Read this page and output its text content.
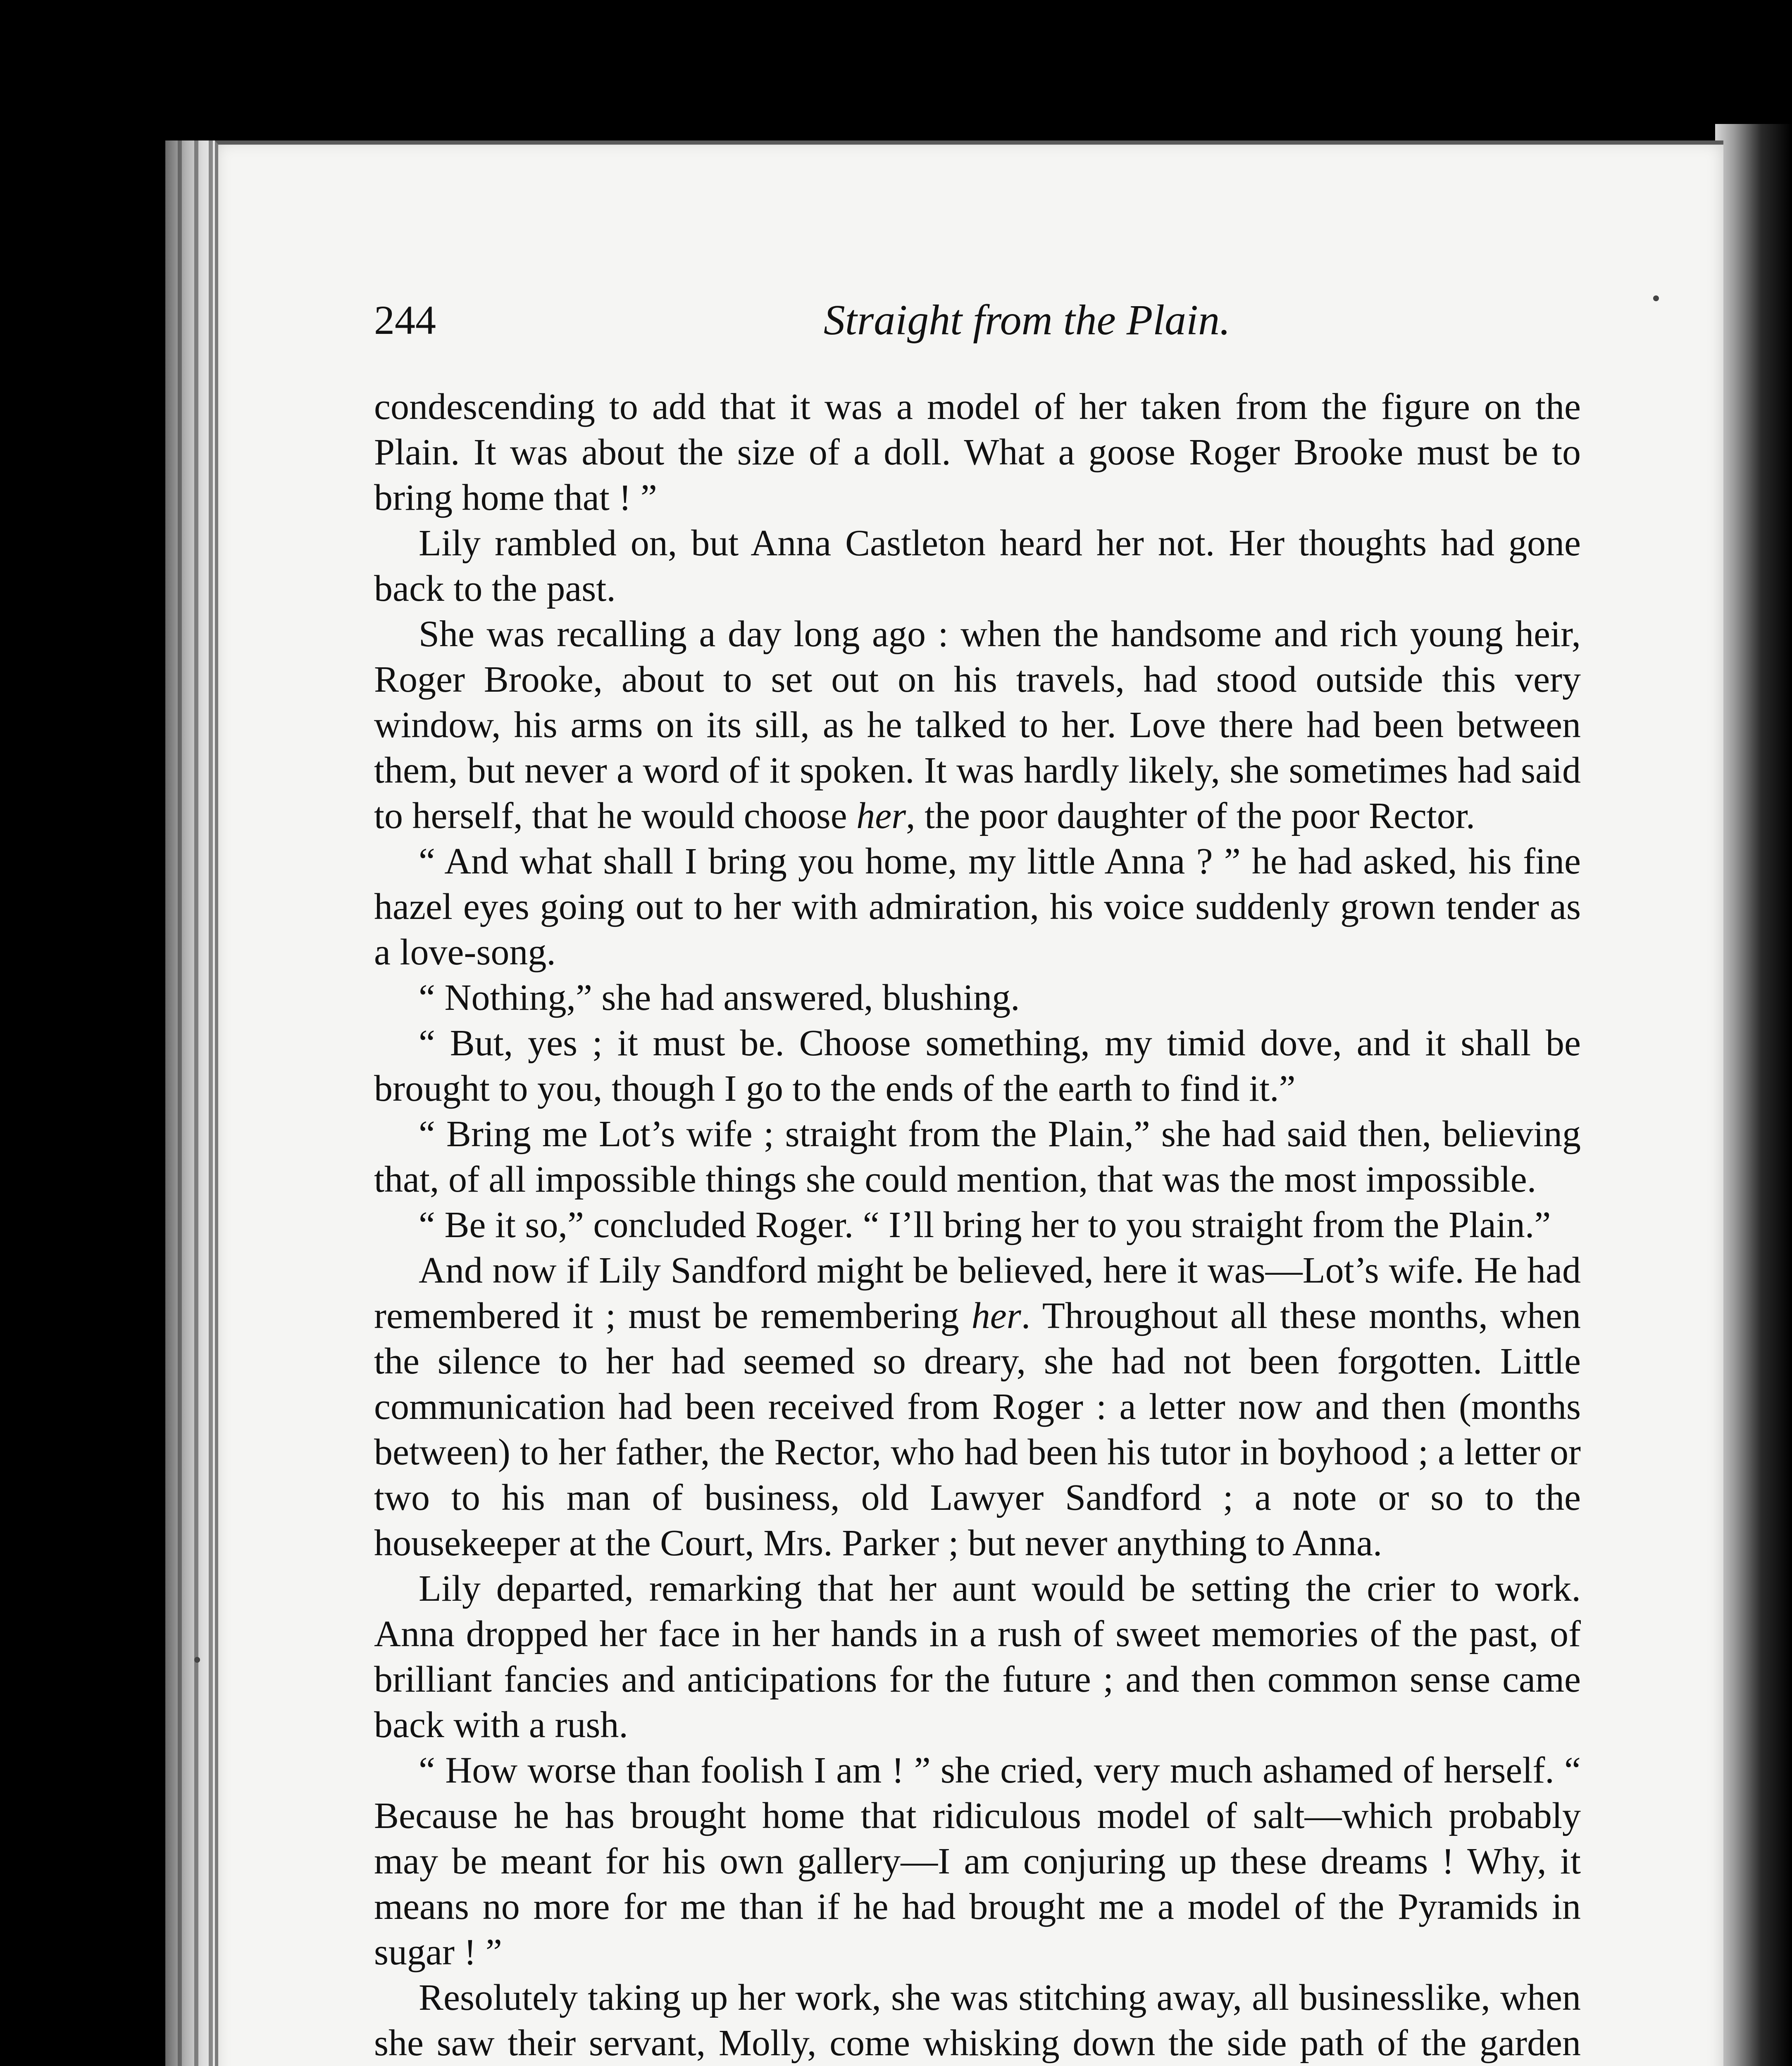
244	Straight from the Plain.

condescending to add that it was a model of her taken from the figure on the Plain. It was about the size of a doll. What a goose Roger Brooke must be to bring home that ! ”

Lily rambled on, but Anna Castleton heard her not. Her thoughts had gone back to the past.

She was recalling a day long ago : when the handsome and rich young heir, Roger Brooke, about to set out on his travels, had stood outside this very window, his arms on its sill, as he talked to her. Love there had been between them, but never a word of it spoken. It was hardly likely, she sometimes had said to herself, that he would choose her, the poor daughter of the poor Rector.

“ And what shall I bring you home, my little Anna ? ” he had asked, his fine hazel eyes going out to her with admiration, his voice suddenly grown tender as a love-song.

“ Nothing,” she had answered, blushing.

“ But, yes ; it must be. Choose something, my timid dove, and it shall be brought to you, though I go to the ends of the earth to find it.”

“ Bring me Lot’s wife ; straight from the Plain,” she had said then, believing that, of all impossible things she could mention, that was the most impossible.

“ Be it so,” concluded Roger. “ I’ll bring her to you straight from the Plain.”

And now if Lily Sandford might be believed, here it was—Lot’s wife. He had remembered it ; must be remembering her. Throughout all these months, when the silence to her had seemed so dreary, she had not been forgotten. Little communication had been received from Roger : a letter now and then (months between) to her father, the Rector, who had been his tutor in boyhood ; a letter or two to his man of business, old Lawyer Sandford ; a note or so to the housekeeper at the Court, Mrs. Parker ; but never anything to Anna.

Lily departed, remarking that her aunt would be setting the crier to work. Anna dropped her face in her hands in a rush of sweet memories of the past, of brilliant fancies and anticipations for the future ; and then common sense came back with a rush.

“ How worse than foolish I am ! ” she cried, very much ashamed of herself. “ Because he has brought home that ridiculous model of salt—which probably may be meant for his own gallery—I am conjuring up these dreams ! Why, it means no more for me than if he had brought me a model of the Pyramids in sugar ! ”

Resolutely taking up her work, she was stitching away, all businesslike, when she saw their servant, Molly, come whisking down the side path of the garden
